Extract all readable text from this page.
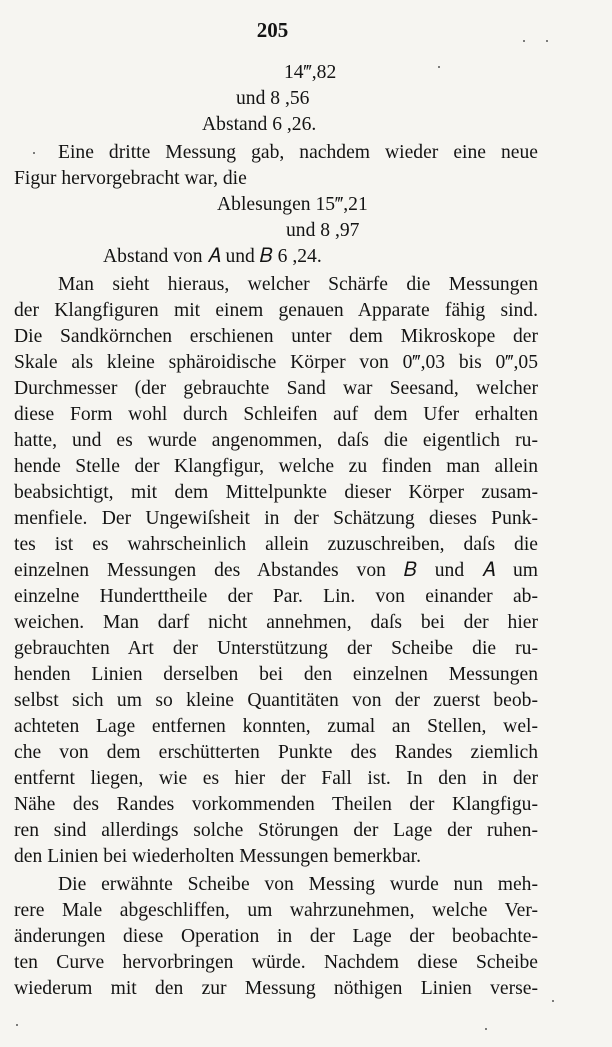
205
14‴,82
und 8 ,56
Abstand 6 ,26.
Eine dritte Messung gab, nachdem wieder eine neue
Figur hervorgebracht war, die
Ablesungen 15‴,21
und 8 ,97
Abstand von 𝐴 und 𝐵 6 ,24.
Man sieht hieraus, welcher Schärfe die Messungen
der Klangfiguren mit einem genauen Apparate fähig sind.
Die Sandkörnchen erschienen unter dem Mikroskope der
Skale als kleine sphäroidische Körper von 0‴,03 bis 0‴,05
Durchmesser (der gebrauchte Sand war Seesand, welcher
diese Form wohl durch Schleifen auf dem Ufer erhalten
hatte, und es wurde angenommen, daſs die eigentlich ru-
hende Stelle der Klangfigur, welche zu finden man allein
beabsichtigt, mit dem Mittelpunkte dieser Körper zusam-
menfiele. Der Ungewiſsheit in der Schätzung dieses Punk-
tes ist es wahrscheinlich allein zuzuschreiben, daſs die
einzelnen Messungen des Abstandes von 𝐵 und 𝐴 um
einzelne Hunderttheile der Par. Lin. von einander ab-
weichen. Man darf nicht annehmen, daſs bei der hier
gebrauchten Art der Unterstützung der Scheibe die ru-
henden Linien derselben bei den einzelnen Messungen
selbst sich um so kleine Quantitäten von der zuerst beob-
achteten Lage entfernen konnten, zumal an Stellen, wel-
che von dem erschütterten Punkte des Randes ziemlich
entfernt liegen, wie es hier der Fall ist. In den in der
Nähe des Randes vorkommenden Theilen der Klangfigu-
ren sind allerdings solche Störungen der Lage der ruhen-
den Linien bei wiederholten Messungen bemerkbar.
Die erwähnte Scheibe von Messing wurde nun meh-
rere Male abgeschliffen, um wahrzunehmen, welche Ver-
änderungen diese Operation in der Lage der beobachte-
ten Curve hervorbringen würde. Nachdem diese Scheibe
wiederum mit den zur Messung nöthigen Linien verse-
